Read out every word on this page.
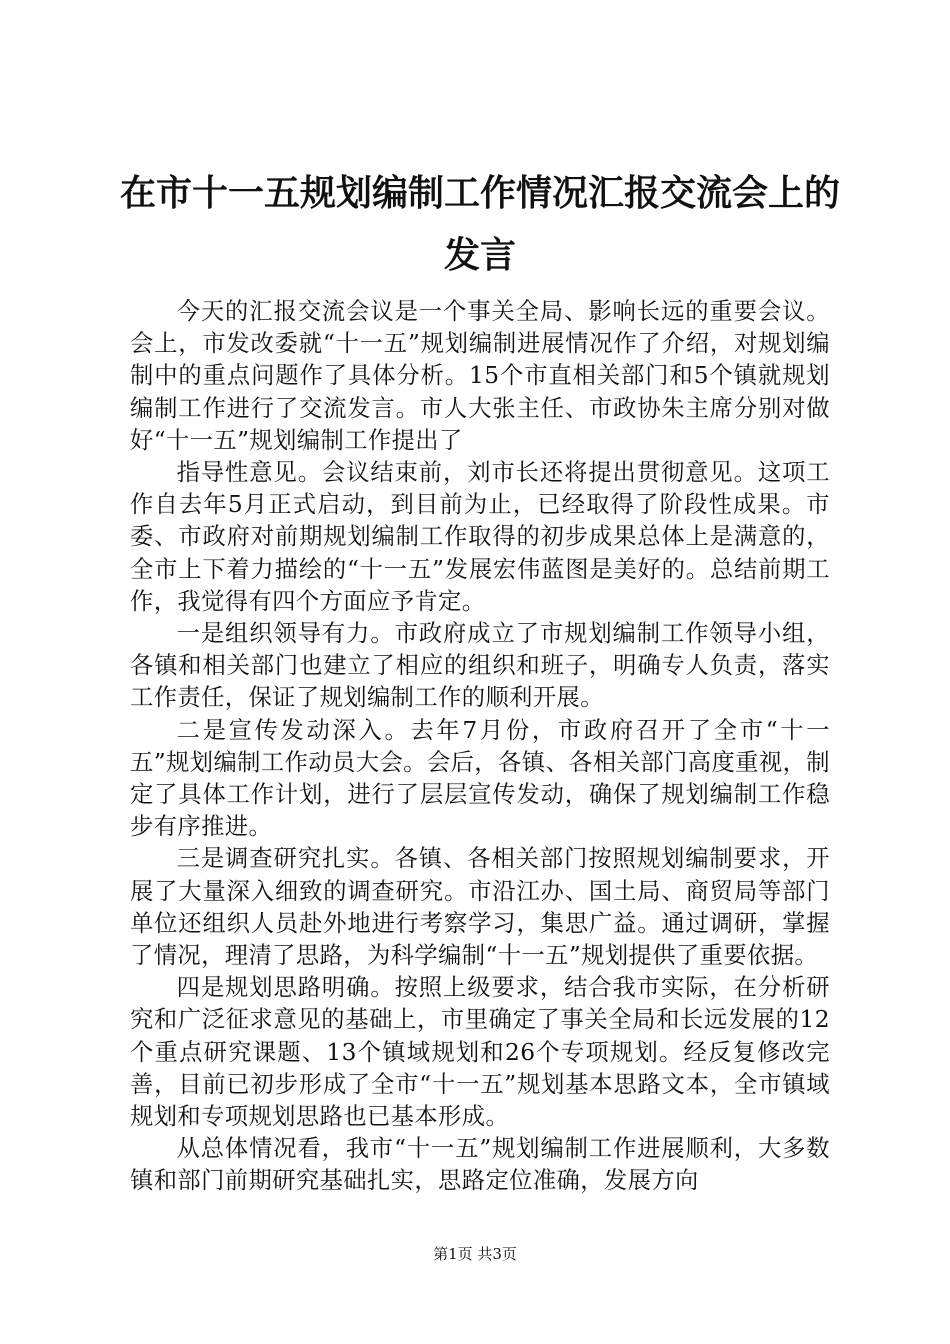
在市十一五规划编制工作情况汇报交流会上的发言

今天的汇报交流会议是一个事关全局、影响长远的重要会议。会上，市发改委就“十一五”规划编制进展情况作了介绍，对规划编制中的重点问题作了具体分析。15个市直相关部门和5个镇就规划编制工作进行了交流发言。市人大张主任、市政协朱主席分别对做好“十一五”规划编制工作提出了

指导性意见。会议结束前，刘市长还将提出贯彻意见。这项工作自去年5月正式启动，到目前为止，已经取得了阶段性成果。市委、市政府对前期规划编制工作取得的初步成果总体上是满意的，全市上下着力描绘的“十一五”发展宏伟蓝图是美好的。总结前期工作，我觉得有四个方面应予肯定。

一是组织领导有力。市政府成立了市规划编制工作领导小组，各镇和相关部门也建立了相应的组织和班子，明确专人负责，落实工作责任，保证了规划编制工作的顺利开展。

二是宣传发动深入。去年7月份，市政府召开了全市“十一五”规划编制工作动员大会。会后，各镇、各相关部门高度重视，制定了具体工作计划，进行了层层宣传发动，确保了规划编制工作稳步有序推进。

三是调查研究扎实。各镇、各相关部门按照规划编制要求，开展了大量深入细致的调查研究。市沿江办、国土局、商贸局等部门单位还组织人员赴外地进行考察学习，集思广益。通过调研，掌握了情况，理清了思路，为科学编制“十一五”规划提供了重要依据。

四是规划思路明确。按照上级要求，结合我市实际，在分析研究和广泛征求意见的基础上，市里确定了事关全局和长远发展的12个重点研究课题、13个镇域规划和26个专项规划。经反复修改完善，目前已初步形成了全市“十一五”规划基本思路文本，全市镇域规划和专项规划思路也已基本形成。

从总体情况看，我市“十一五”规划编制工作进展顺利，大多数镇和部门前期研究基础扎实，思路定位准确，发展方向

第1页 共3页
